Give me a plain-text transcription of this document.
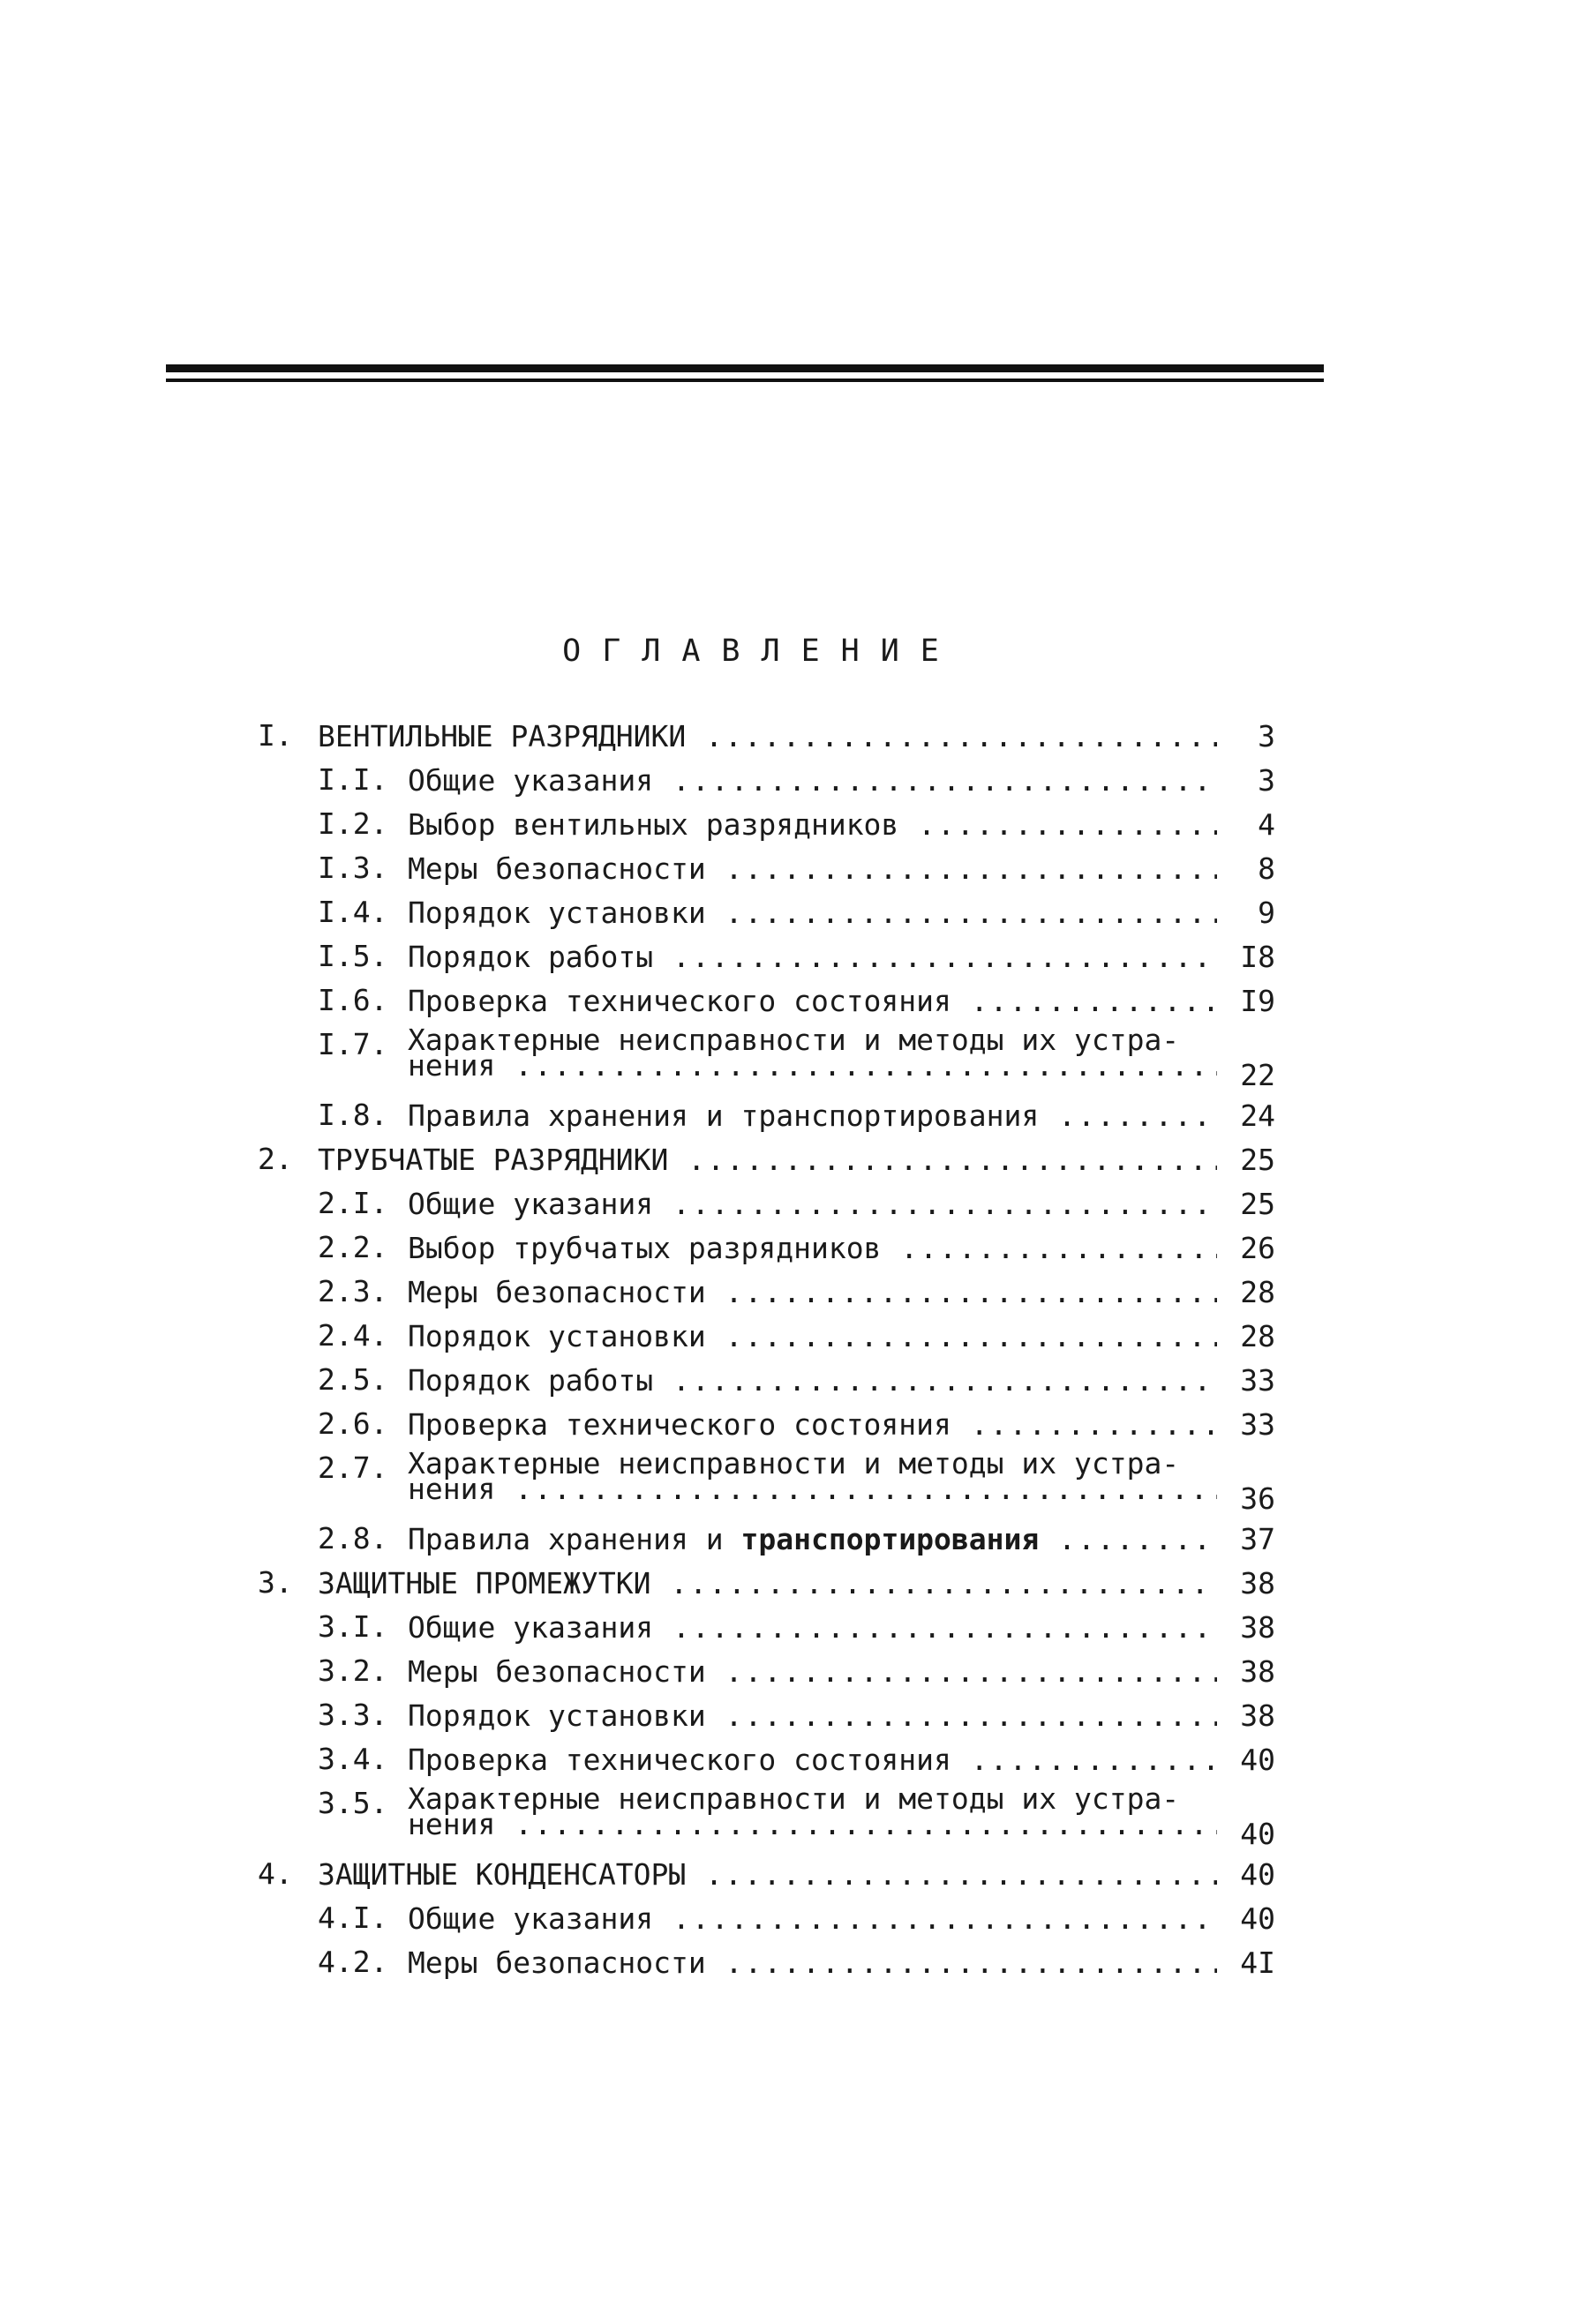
ОГЛАВЛЕНИЕ
I. ВЕНТИЛЬНЫЕ РАЗРЯДНИКИ .....	3
I.I. Общие указания .....	3
I.2. Выбор вентильных разрядников .....	4
I.3. Меры безопасности .....	8
I.4. Порядок установки .....	9
I.5. Порядок работы .....	I8
I.6. Проверка технического состояния .....	I9
I.7. Характерные неисправности и методы их устра-
нения .....	22
I.8. Правила хранения и транспортирования .....	24
2. ТРУБЧАТЫЕ РАЗРЯДНИКИ .....	25
2.I. Общие указания .....	25
2.2. Выбор трубчатых разрядников .....	26
2.3. Меры безопасности .....	28
2.4. Порядок установки .....	28
2.5. Порядок работы .....	33
2.6. Проверка технического состояния .....	33
2.7. Характерные неисправности и методы их устра-
нения .....	36
2.8. Правила хранения и транспортирования .....	37
3. ЗАЩИТНЫЕ ПРОМЕЖУТКИ .....	38
3.I. Общие указания .....	38
3.2. Меры безопасности .....	38
3.3. Порядок установки .....	38
3.4. Проверка технического состояния .....	40
3.5. Характерные неисправности и методы их устра-
нения .....	40
4. ЗАЩИТНЫЕ КОНДЕНСАТОРЫ .....	40
4.I. Общие указания .....	40
4.2. Меры безопасности .....	4I
